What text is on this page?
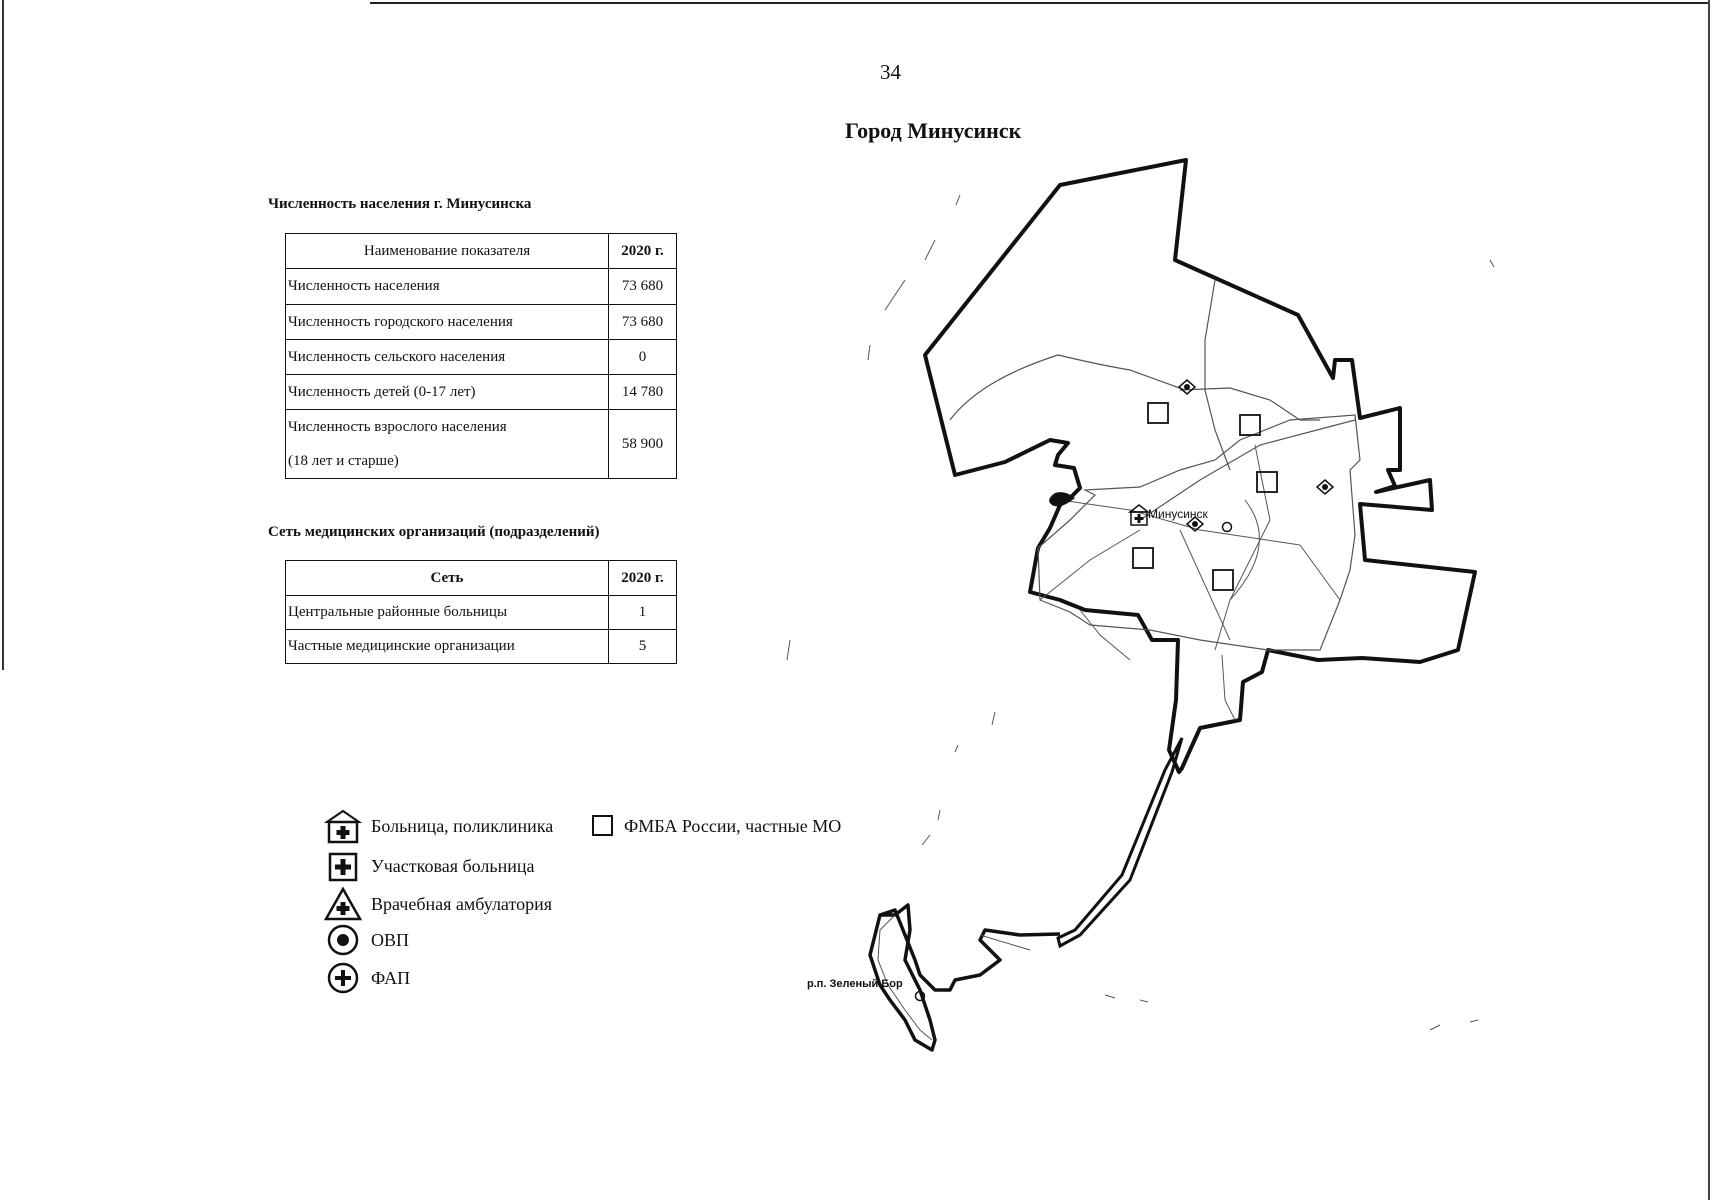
34
Город Минусинск
Численность населения г. Минусинска
Наименование показателя	2020 г.
Численность населения	73 680
Численность городского населения	73 680
Численность сельского населения	0
Численность детей (0-17 лет)	14 780

Численность взрослого населения
(18 лет и старше)	58 900
Сеть медицинских организаций (подразделений)
Сеть	2020 г.
Центральные районные больницы	1
Частные медицинские организации	5
Больница, поликлиника	ФМБА России, частные МО
Участковая больница
Врачебная амбулатория
ОВП
ФАП
Минусинск
р.п. Зеленый Бор
